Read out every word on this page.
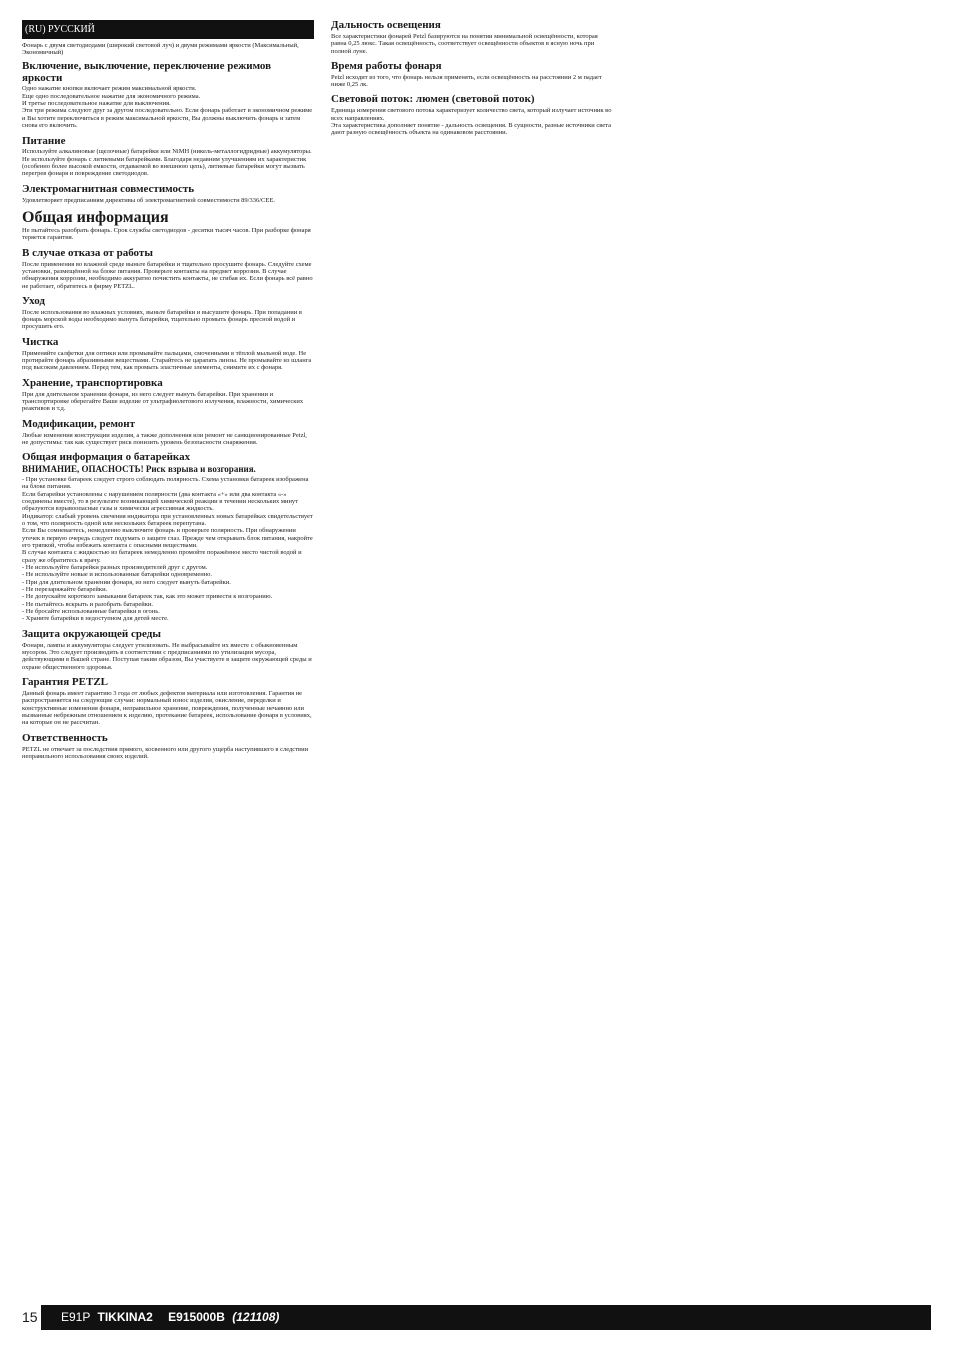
(RU) РУССКИЙ

Фонарь с двумя светодиодами (широкий световой луч) и двумя режимами яркости (Максимальный, Экономичный)

Включение, выключение, переключение режимов яркости

Одно нажатие кнопки включает режим максимальной яркости.
Еще одно последовательное нажатие для экономичного режима.
И третье последовательное нажатие для выключения.
Эти три режима следуют друг за другом последовательно. Если фонарь работает в экономичном режиме и Вы хотите переключиться в режим максимальной яркости, Вы должны выключить фонарь и затем снова его включить.

Питание

Используйте алкалиновые (щелочные) батарейки или NiMH (никель-металлогидридные) аккумуляторы.
Не используйте фонарь с литиевыми батарейками. Благодаря недавним улучшениям их характеристик (особенно более высокой емкости, отдаваемой во внешнюю цепь), литиевые батарейки могут вызвать перегрев фонаря и повреждение светодиодов.

Электромагнитная совместимость

Удовлетворяет предписаниям директивы об электромагнитной совместимости 89/336/CEE.

Общая информация

Не пытайтесь разобрать фонарь. Срок службы светодиодов - десятки тысяч часов. При разборке фонаря теряется гарантия.

В случае отказа от работы

После применения во влажной среде выньте батарейки и тщательно просушите фонарь. Следуйте схеме установки, размещённой на блоке питания. Проверьте контакты на предмет коррозии. В случае обнаружения коррозии, необходимо аккуратно почистить контакты, не сгибая их. Если фонарь всё равно не работает, обратитесь в фирму PETZL.

Уход

После использования во влажных условиях, выньте батарейки и высушите фонарь. При попадании в фонарь морской воды необходимо вынуть батарейки, тщательно промыть фонарь пресной водой и просушить его.

Чистка

Применяйте салфетки для оптики или промывайте пальцами, смоченными в тёплой мыльной воде. Не протирайте фонарь абразивными веществами. Старайтесь не царапать линзы. Не промывайте из шланга под высоким давлением. Перед тем, как промыть эластичные элементы, снимите их с фонаря.

Хранение, транспортировка

При для длительном хранении фонаря, из него следует вынуть батарейки. При хранении и транспортировке оберегайте Ваше изделие от ультрафиолетового излучения, влажности, химических реактивов и т.д.

Модификации, ремонт

Любые изменения конструкции изделия, а также дополнения или ремонт не санкционированные Petzl, не допустимы: так как существует риск понизить уровень безопасности снаряжения.

Общая информация о батарейках
ВНИМАНИЕ, ОПАСНОСТЬ! Риск взрыва и возгорания.

- При установке батареек следует строго соблюдать полярность. Схема установки батареек изображена на блоке питания.
Если батарейки установлены с нарушением полярности (два контакта «+» или два контакта «-» соединены вместе), то в результате возникающей химической реакции в течении нескольких минут образуются взрывоопасные газы и химически агрессивная жидкость.
Индикатор: слабый уровень свечения индикатора при установленных новых батарейках свидетельствует о том, что полярность одной или нескольких батареек перепутана.
Если Вы сомневаетесь, немедленно выключите фонарь и проверьте полярность. При обнаружении утечек в первую очередь следует подумать о защите глаз. Прежде чем открывать блок питания, накройте его тряпкой, чтобы избежать контакта с опасными веществами.
В случае контакта с жидкостью из батареек немедленно промойте поражённое место чистой водой и сразу же обратитесь к врачу.
- Не используйте батарейки разных производителей друг с другом.
- Не используйте новые и использованные батарейки одновременно.
- При для длительном хранении фонаря, из него следует вынуть батарейки.
- Не перезаряжайте батарейки.
- Не допускайте короткого замыкания батареек так, как это может привести к возгоранию.
- Не пытайтесь вскрыть и разобрать батарейки.
- Не бросайте использованные батарейки в огонь.
- Храните батарейки в недоступном для детей месте.

Защита окружающей среды

Фонари, лампы и аккумуляторы следует утилизовать. Не выбрасывайте их вместе с обыкновенным мусором. Это следует производить в соответствии с предписаниями по утилизации мусора, действующими в Вашей стране. Поступая таким образом, Вы участвуете в защите окружающей среды и охране общественного здоровья.

Гарантия PETZL

Данный фонарь имеет гарантию 3 года от любых дефектов материала или изготовления. Гарантия не распространяется на следующие случаи: нормальный износ изделия, окисление, переделки и конструктивные изменения фонаря, неправильное хранение, повреждения, полученные нечаянно или вызванные небрежным отношением к изделию, протекание батареек, использование фонаря в условиях, на которые он не рассчитан.

Ответственность

PETZL не отвечает за последствия прямого, косвенного или другого ущерба наступившего в следствии неправильного использования своих изделий.

Дальность освещения

Все характеристики фонарей Petzl базируются на понятии минимальной освещённости, которая равна 0,25 люкс. Такая освещённость, соответствует освещённости объектов в ясную ночь при полной луне.

Время работы фонаря

Petzl исходит из того, что фонарь нельзя применять, если освещённость на расстоянии 2 м падает ниже 0,25 лк.

Световой поток: люмен (световой поток)

Единица измерения светового потока характеризует количество света, который излучает источник во всех направлениях.
Эта характеристика дополняет понятие - дальность освещения. В сущности, разные источники света дают разную освещённость объекта на одинаковом расстоянии.

15	E91P TIKKINA2 E915000B (121108)
